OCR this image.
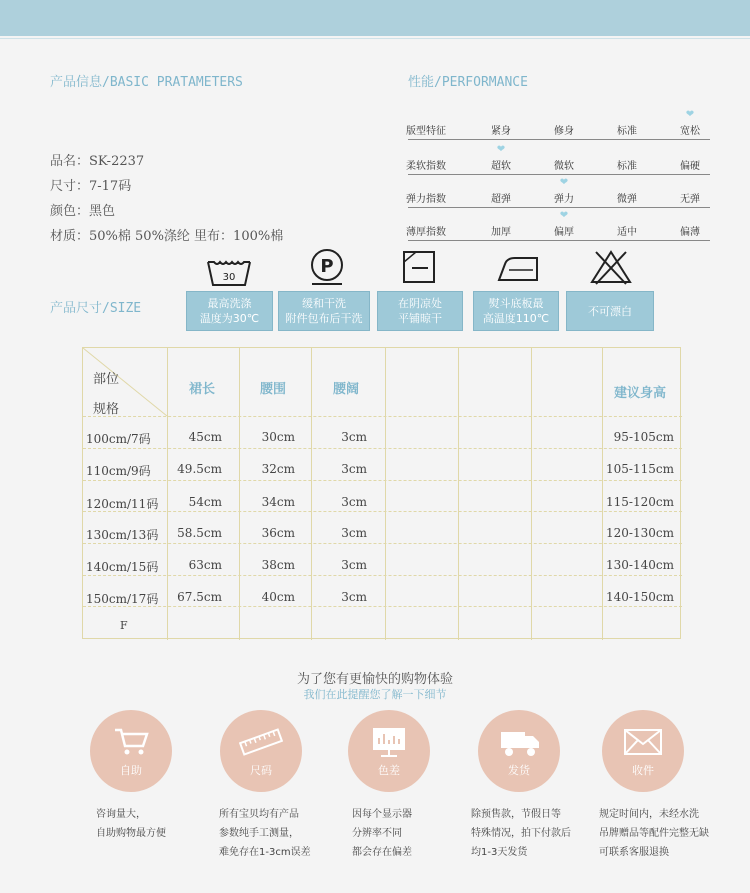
产品信息/BASIC PRATAMETERS
品名：SK-2237
尺寸：7-17码
颜色：黑色
材质：50%棉 50%涤纶 里布：100%棉
性能/PERFORMANCE
版型特征	紧身	修身	标准	宽松
❤
柔软指数	超软	微软	标准	偏硬
❤
弹力指数	超弹	弹力	微弹	无弹
❤
薄厚指数	加厚	偏厚	适中	偏薄
❤
产品尺寸/SIZE
30
P
最高洗涤
温度为30℃
缓和干洗
附件包布后干洗
在阴凉处
平铺晾干
熨斗底板最
高温度110℃
不可漂白
部位
规格
裙长	腰围	腰阔	建议身高
100cm/7码	45cm	30cm	3cm	95-105cm
110cm/9码 49.5cm	32cm	3cm	105-115cm
120cm/11码	54cm	34cm	3cm	115-120cm
130cm/13码 58.5cm	36cm	3cm	120-130cm
140cm/15码	63cm	38cm	3cm	130-140cm
150cm/17码 67.5cm	40cm	3cm	140-150cm
F
为了您有更愉快的购物体验
我们在此提醒您了解一下细节
自助
咨询量大，
自助购物最方便
尺码
所有宝贝均有产品
参数纯手工测量，
难免存在1-3cm误差
色差
因每个显示器
分辨率不同
都会存在偏差
发货
除预售款，节假日等
特殊情况，拍下付款后
均1-3天发货
收件
规定时间内，未经水洗
吊牌赠品等配件完整无缺
可联系客服退换
